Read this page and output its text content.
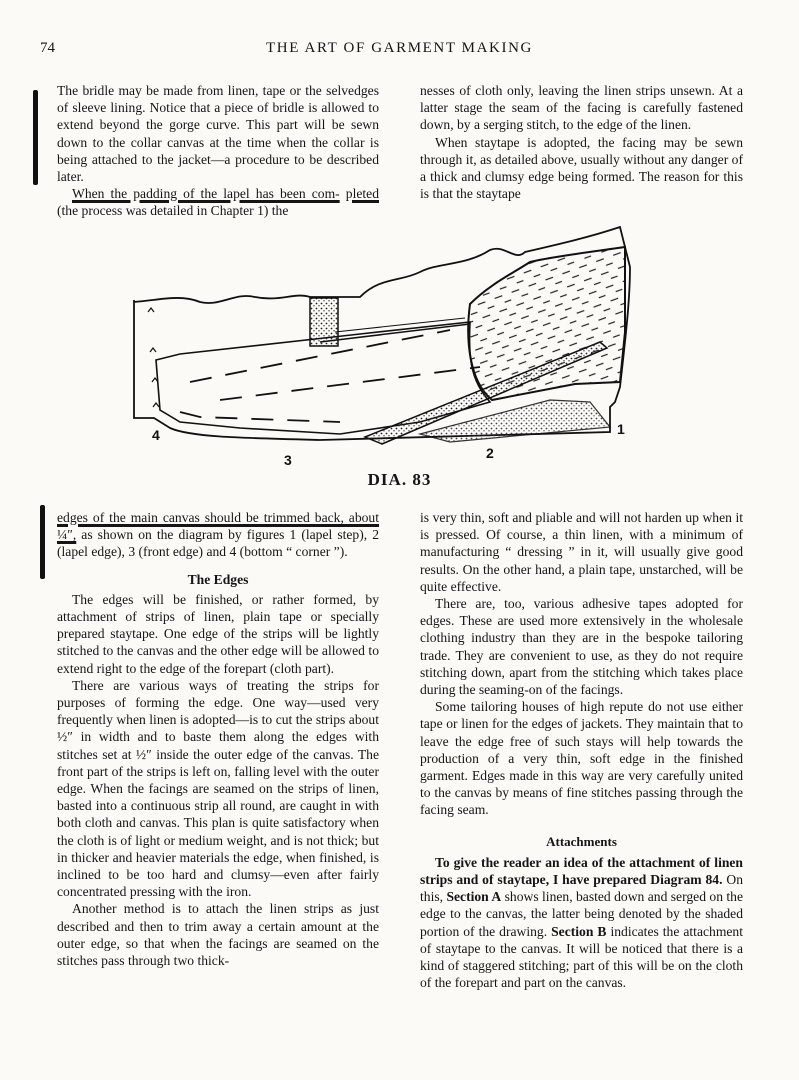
74	THE ART OF GARMENT MAKING

The bridle may be made from linen, tape or the selvedges of sleeve lining. Notice that a piece of bridle is allowed to extend beyond the gorge curve. This part will be sewn down to the collar canvas at the time when the collar is being attached to the jacket—a procedure to be described later.

When the padding of the lapel has been com- pleted (the process was detailed in Chapter 1) the

nesses of cloth only, leaving the linen strips unsewn. At a latter stage the seam of the facing is carefully fastened down, by a serging stitch, to the edge of the linen.

When staytape is adopted, the facing may be sewn through it, as detailed above, usually without any danger of a thick and clumsy edge being formed. The reason for this is that the staytape

4
3	2
1
DIA. 83

edges of the main canvas should be trimmed back, about ¼″, as shown on the diagram by figures 1 (lapel step), 2 (lapel edge), 3 (front edge) and 4 (bottom “ corner ”).

The Edges

The edges will be finished, or rather formed, by attachment of strips of linen, plain tape or specially prepared staytape. One edge of the strips will be lightly stitched to the canvas and the other edge will be allowed to extend right to the edge of the forepart (cloth part).

There are various ways of treating the strips for purposes of forming the edge. One way—used very frequently when linen is adopted—is to cut the strips about ½″ in width and to baste them along the edges with stitches set at ½″ inside the outer edge of the canvas. The front part of the strips is left on, falling level with the outer edge. When the facings are seamed on the strips of linen, basted into a continuous strip all round, are caught in with both cloth and canvas. This plan is quite satisfactory when the cloth is of light or medium weight, and is not thick; but in thicker and heavier materials the edge, when finished, is inclined to be too hard and clumsy—even after fairly concentrated pressing with the iron.

Another method is to attach the linen strips as just described and then to trim away a certain amount at the outer edge, so that when the facings are seamed on the stitches pass through two thick-

is very thin, soft and pliable and will not harden up when it is pressed. Of course, a thin linen, with a minimum of manufacturing “ dressing ” in it, will usually give good results. On the other hand, a plain tape, unstarched, will be quite effective.

There are, too, various adhesive tapes adopted for edges. These are used more extensively in the wholesale clothing industry than they are in the bespoke tailoring trade. They are convenient to use, as they do not require stitching down, apart from the stitching which takes place during the seaming-on of the facings.

Some tailoring houses of high repute do not use either tape or linen for the edges of jackets. They maintain that to leave the edge free of such stays will help towards the production of a very thin, soft edge in the finished garment. Edges made in this way are very carefully united to the canvas by means of fine stitches passing through the facing seam.

Attachments

To give the reader an idea of the attachment of linen strips and of staytape, I have prepared Diagram 84. On this, Section A shows linen, basted down and serged on the edge to the canvas, the latter being denoted by the shaded portion of the drawing. Section B indicates the attachment of staytape to the canvas. It will be noticed that there is a kind of staggered stitching; part of this will be on the cloth of the forepart and part on the canvas.
